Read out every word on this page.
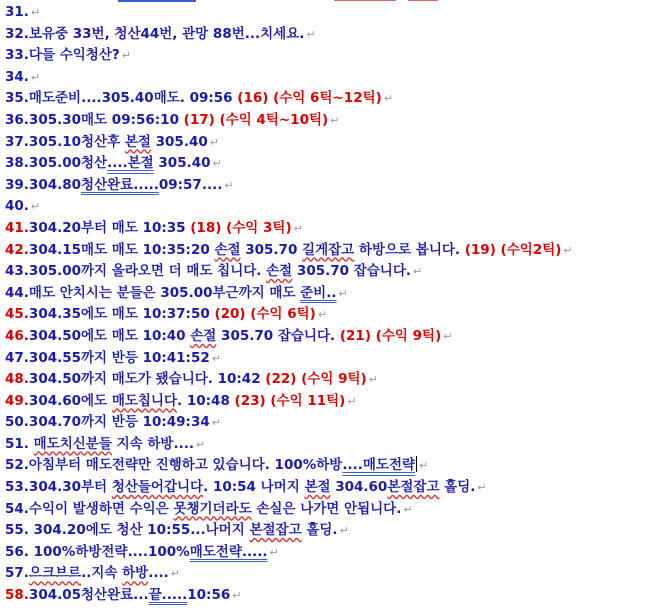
31. ↵
32.보유중 33번, 청산44번, 관망 88번...치세요. ↵
33.다들 수익청산? ↵
34. ↵
35.매도준비....305.40매도. 09:56 (16) (수익 6틱~12틱) ↵
36.305.30매도 09:56:10 (17) (수익 4틱~10틱) ↵
37.305.10청산후 본절 305.40 ↵
38.305.00청산....본절 305.40 ↵
39.304.80청산완료.....09:57.... ↵
40. ↵
41.304.20부터 매도 10:35 (18) (수익 3틱) ↵
42.304.15매도 매도 10:35:20 손절 305.70 길게잡고 하방으로 봅니다. (19) (수익2틱) ↵
43.305.00까지 올라오면 더 매도 칩니다. 손절 305.70 잡습니다. ↵
44.매도 안치시는 분들은 305.00부근까지 매도 준비.. ↵
45.304.35에도 매도 10:37:50 (20) (수익 6틱) ↵
46.304.50에도 매도 10:40 손절 305.70 잡습니다. (21) (수익 9틱) ↵
47.304.55까지 반등 10:41:52 ↵
48.304.50까지 매도가 됐습니다. 10:42 (22) (수익 9틱) ↵
49.304.60에도 매도칩니다. 10:48 (23) (수익 11틱) ↵
50.304.70까지 반등 10:49:34 ↵
51. 매도치신분들 지속 하방.... ↵
52.아침부터 매도전략만 진행하고 있습니다. 100%하방....매도전략 ↵
53.304.30부터 청산들어갑니다. 10:54 나머지 본절 304.60본절잡고 홀딩. ↵
54.수익이 발생하면 수익은 못챙기더라도 손실은 나가면 안됩니다. ↵
55. 304.20에도 청산 10:55...나머지 본절잡고 홀딩. ↵
56. 100%하방전략....100%매도전략..... ↵
57.으크브르..지속 하방.... ↵
58.304.05청산완료...끝.....10:56 ↵
